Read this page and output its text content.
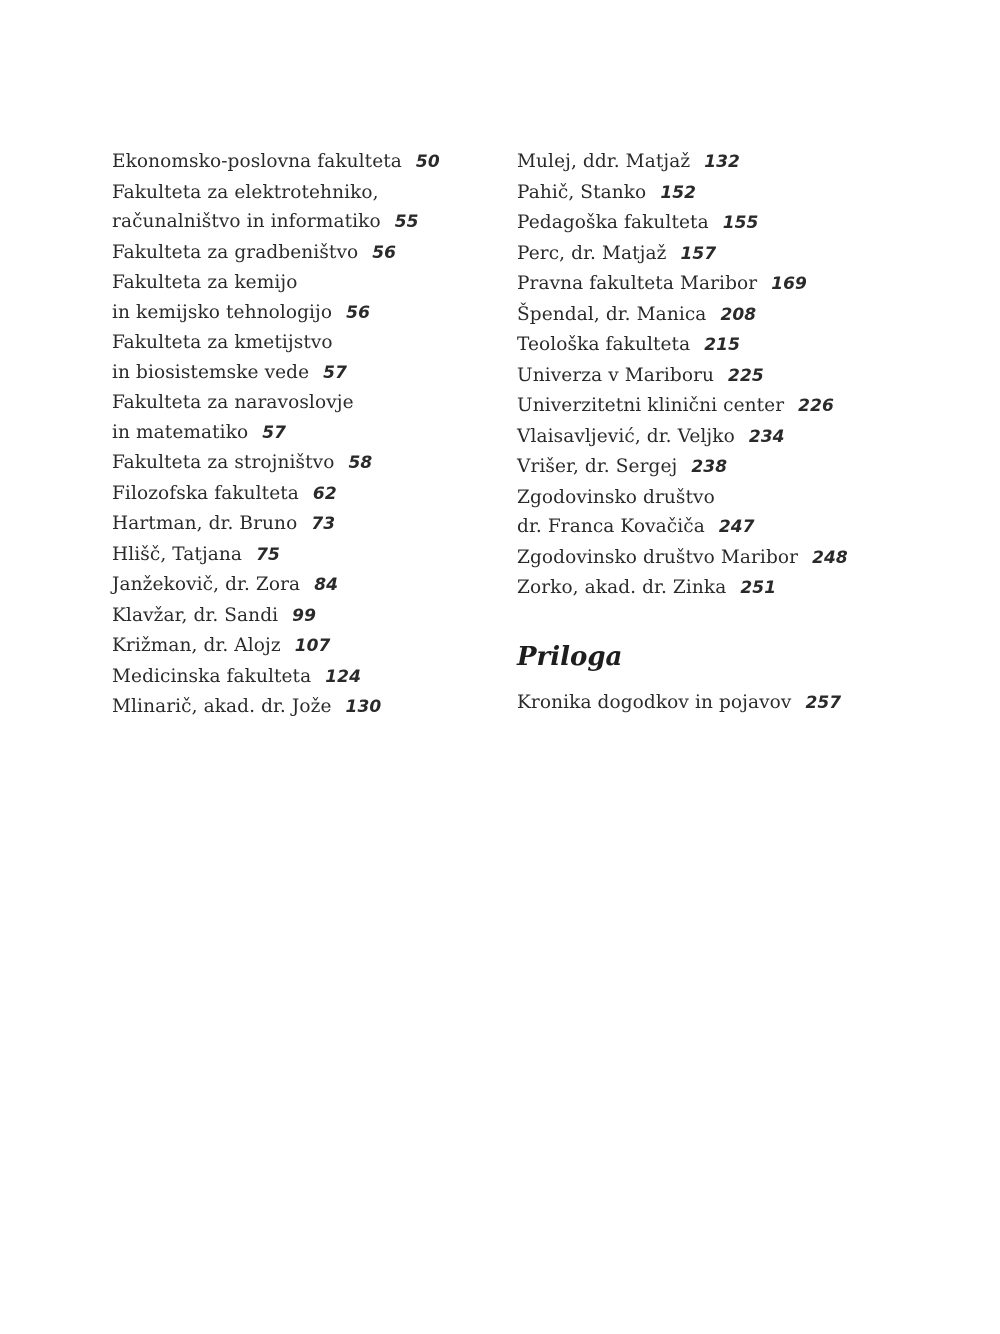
Ekonomsko-poslovna fakulteta 50
Fakulteta za elektrotehniko,
računalništvo in informatiko 55
Fakulteta za gradbeništvo 56
Fakulteta za kemijo
in kemijsko tehnologijo 56
Fakulteta za kmetijstvo
in biosistemske vede 57
Fakulteta za naravoslovje
in matematiko 57
Fakulteta za strojništvo 58
Filozofska fakulteta 62
Hartman, dr. Bruno 73
Hlišč, Tatjana 75
Janžekovič, dr. Zora 84
Klavžar, dr. Sandi 99
Križman, dr. Alojz 107
Medicinska fakulteta 124
Mlinarič, akad. dr. Jože 130
Mulej, ddr. Matjaž 132
Pahič, Stanko 152
Pedagoška fakulteta 155
Perc, dr. Matjaž 157
Pravna fakulteta Maribor 169
Špendal, dr. Manica 208
Teološka fakulteta 215
Univerza v Mariboru 225
Univerzitetni klinični center 226
Vlaisavljević, dr. Veljko 234
Vrišer, dr. Sergej 238
Zgodovinsko društvo
dr. Franca Kovačiča 247
Zgodovinsko društvo Maribor 248
Zorko, akad. dr. Zinka 251
Priloga
Kronika dogodkov in pojavov 257
